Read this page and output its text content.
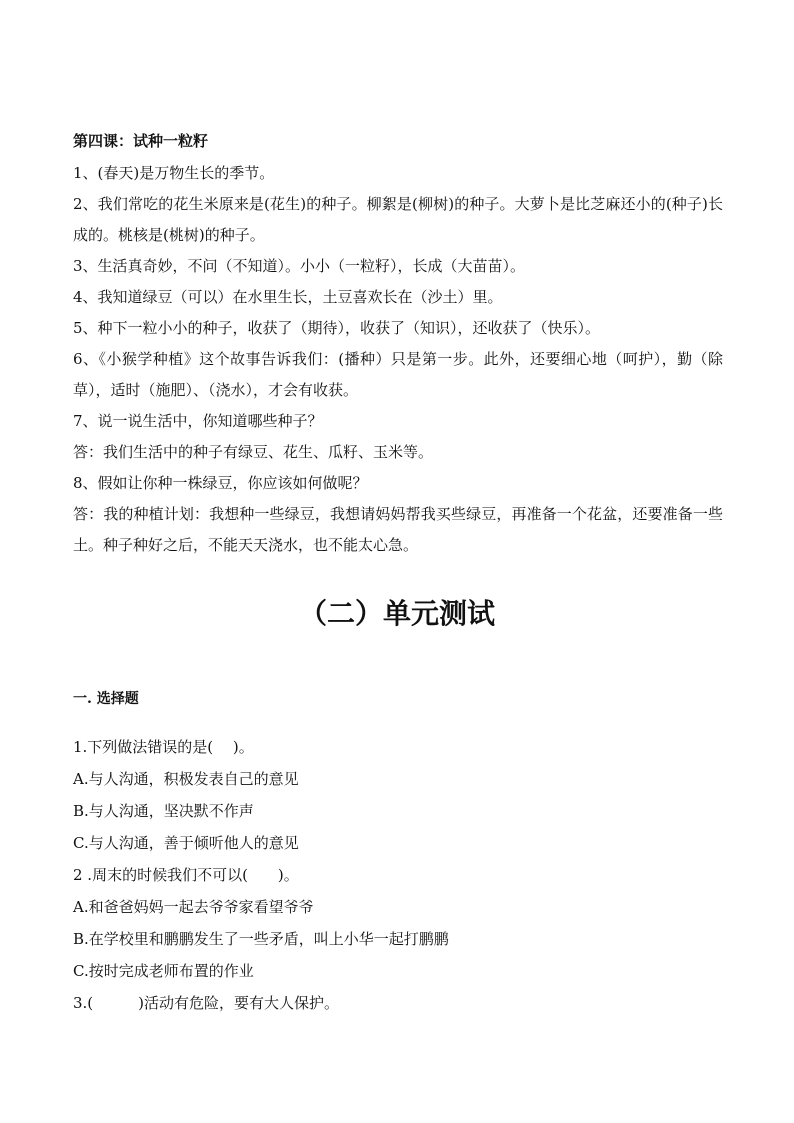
第四课：试种一粒籽

1、(春天)是万物生长的季节。

2、我们常吃的花生米原来是(花生)的种子。柳絮是(柳树)的种子。大萝卜是比芝麻还小的(种子)长成的。桃核是(桃树)的种子。

3、生活真奇妙，不问（不知道）。小小（一粒籽），长成（大苗苗）。

4、我知道绿豆（可以）在水里生长，土豆喜欢长在（沙土）里。

5、种下一粒小小的种子，收获了（期待），收获了（知识），还收获了（快乐）。

6、《小猴学种植》这个故事告诉我们：(播种）只是第一步。此外，还要细心地（呵护），勤（除草），适时（施肥）、（浇水），才会有收获。

7、说一说生活中，你知道哪些种子？

答：我们生活中的种子有绿豆、花生、瓜籽、玉米等。

8、假如让你种一株绿豆，你应该如何做呢？

答：我的种植计划：我想种一些绿豆，我想请妈妈帮我买些绿豆，再准备一个花盆，还要准备一些土。种子种好之后，不能天天浇水，也不能太心急。

（二）单元测试
一. 选择题

1.下列做法错误的是(　 )。

A.与人沟通，积极发表自己的意见

B.与人沟通，坚决默不作声

C.与人沟通，善于倾听他人的意见

2 .周末的时候我们不可以(　　)。

A.和爸爸妈妈一起去爷爷家看望爷爷

B.在学校里和鹏鹏发生了一些矛盾，叫上小华一起打鹏鹏

C.按时完成老师布置的作业

3.(　　　)活动有危险，要有大人保护。
